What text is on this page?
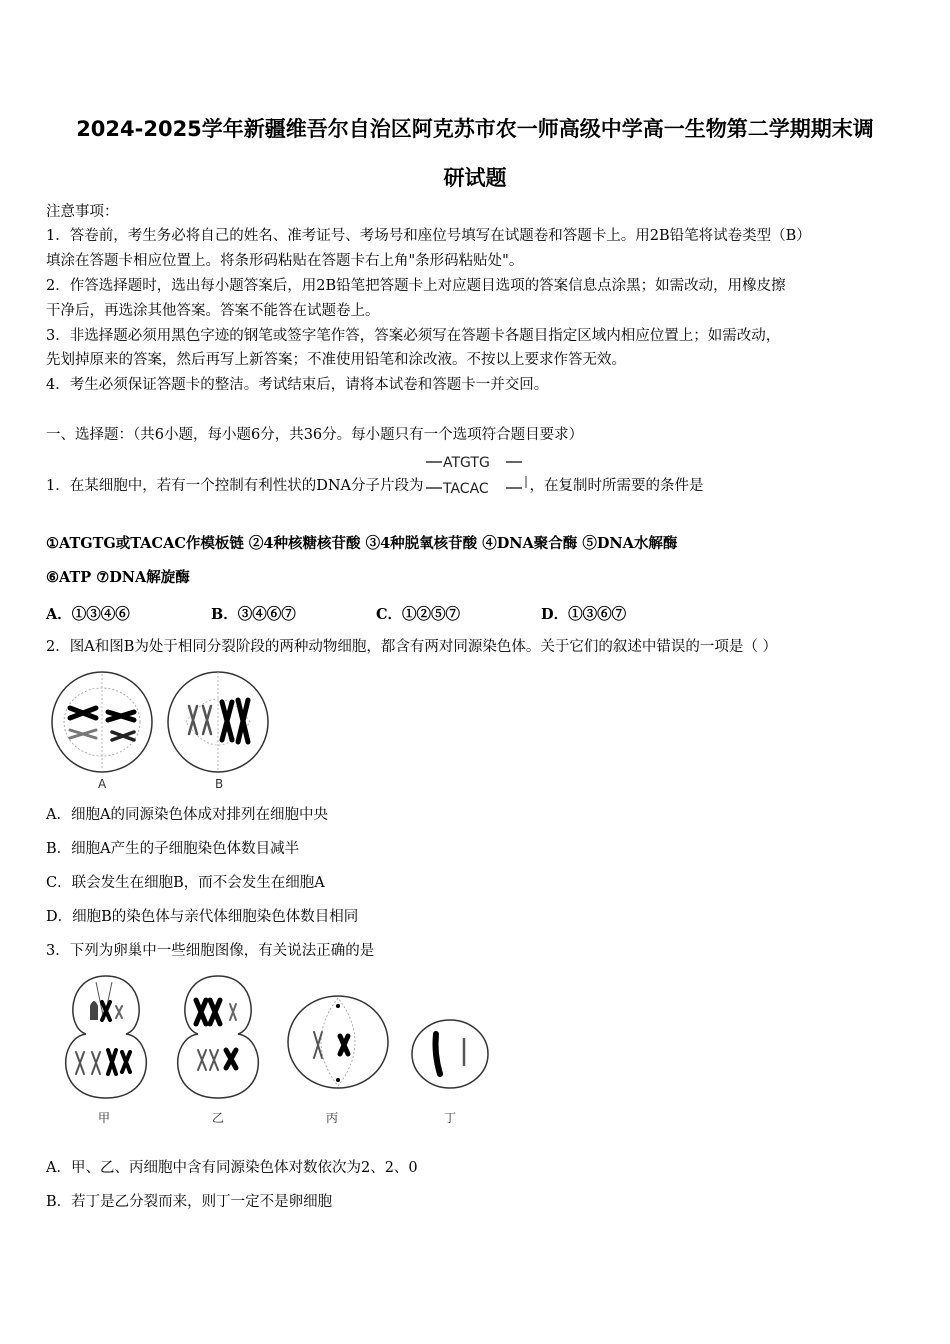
2024-2025学年新疆维吾尔自治区阿克苏市农一师高级中学高一生物第二学期期末调
研试题
注意事项：
1．答卷前，考生务必将自己的姓名、准考证号、考场号和座位号填写在试题卷和答题卡上。用2B铅笔将试卷类型（B）
填涂在答题卡相应位置上。将条形码粘贴在答题卡右上角"条形码粘贴处"。
2．作答选择题时，选出每小题答案后，用2B铅笔把答题卡上对应题目选项的答案信息点涂黑；如需改动，用橡皮擦
干净后，再选涂其他答案。答案不能答在试题卷上。
3．非选择题必须用黑色字迹的钢笔或签字笔作答，答案必须写在答题卡各题目指定区域内相应位置上；如需改动，
先划掉原来的答案，然后再写上新答案；不准使用铅笔和涂改液。不按以上要求作答无效。
4．考生必须保证答题卡的整洁。考试结束后，请将本试卷和答题卡一并交回。
一、选择题：（共6小题，每小题6分，共36分。每小题只有一个选项符合题目要求）
1．在某细胞中，若有一个控制有利性状的DNA分子片段为
ATGTG
TACAC	，在复制时所需要的条件是
①ATGTG或TACAC作模板链 ②4种核糖核苷酸 ③4种脱氧核苷酸 ④DNA聚合酶 ⑤DNA水解酶
⑥ATP ⑦DNA解旋酶
A．①③④⑥	B．③④⑥⑦	C．①②⑤⑦	D．①③⑥⑦
2．图A和图B为处于相同分裂阶段的两种动物细胞，都含有两对同源染色体。关于它们的叙述中错误的一项是（ ）
A	B
A．细胞A的同源染色体成对排列在细胞中央
B．细胞A产生的子细胞染色体数目减半
C．联会发生在细胞B，而不会发生在细胞A
D．细胞B的染色体与亲代体细胞染色体数目相同
3．下列为卵巢中一些细胞图像，有关说法正确的是
甲	乙	丙	丁
A．甲、乙、丙细胞中含有同源染色体对数依次为2、2、0
B．若丁是乙分裂而来，则丁一定不是卵细胞
